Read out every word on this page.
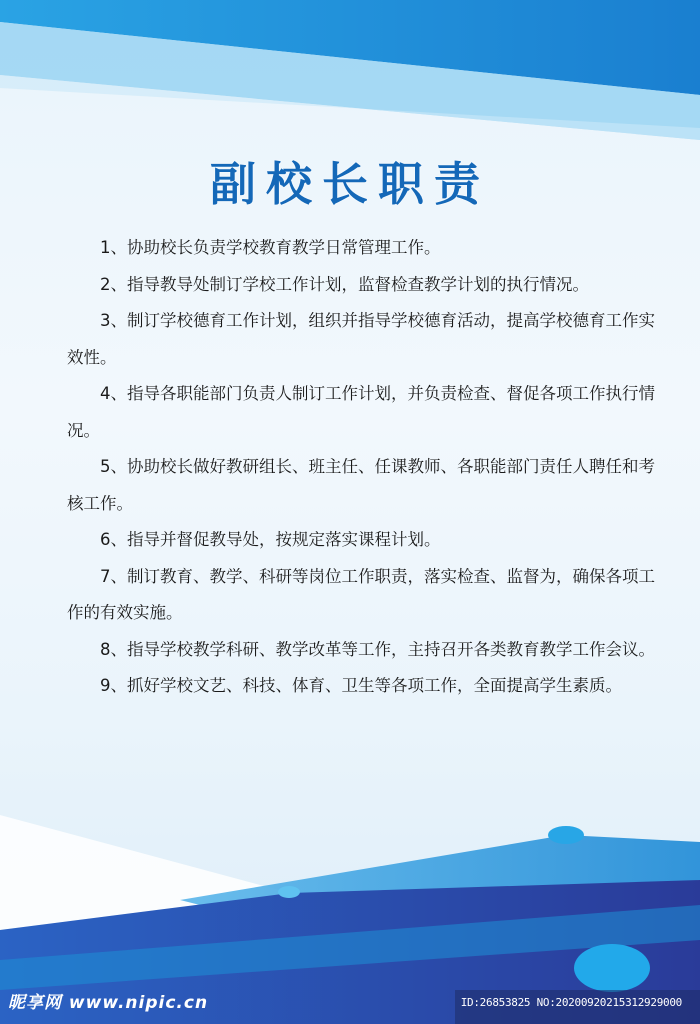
副校长职责

1、协助校长负责学校教育教学日常管理工作。

2、指导教导处制订学校工作计划，监督检查教学计划的执行情况。

3、制订学校德育工作计划，组织并指导学校德育活动，提高学校德育工作实效性。

4、指导各职能部门负责人制订工作计划，并负责检查、督促各项工作执行情况。

5、协助校长做好教研组长、班主任、任课教师、各职能部门责任人聘任和考核工作。

6、指导并督促教导处，按规定落实课程计划。

7、制订教育、教学、科研等岗位工作职责，落实检查、监督为，确保各项工作的有效实施。

8、指导学校教学科研、教学改革等工作，主持召开各类教育教学工作会议。

9、抓好学校文艺、科技、体育、卫生等各项工作，全面提高学生素质。

昵享网 www.nipic.cn	ID:26853825 NO:20200920215312929000
